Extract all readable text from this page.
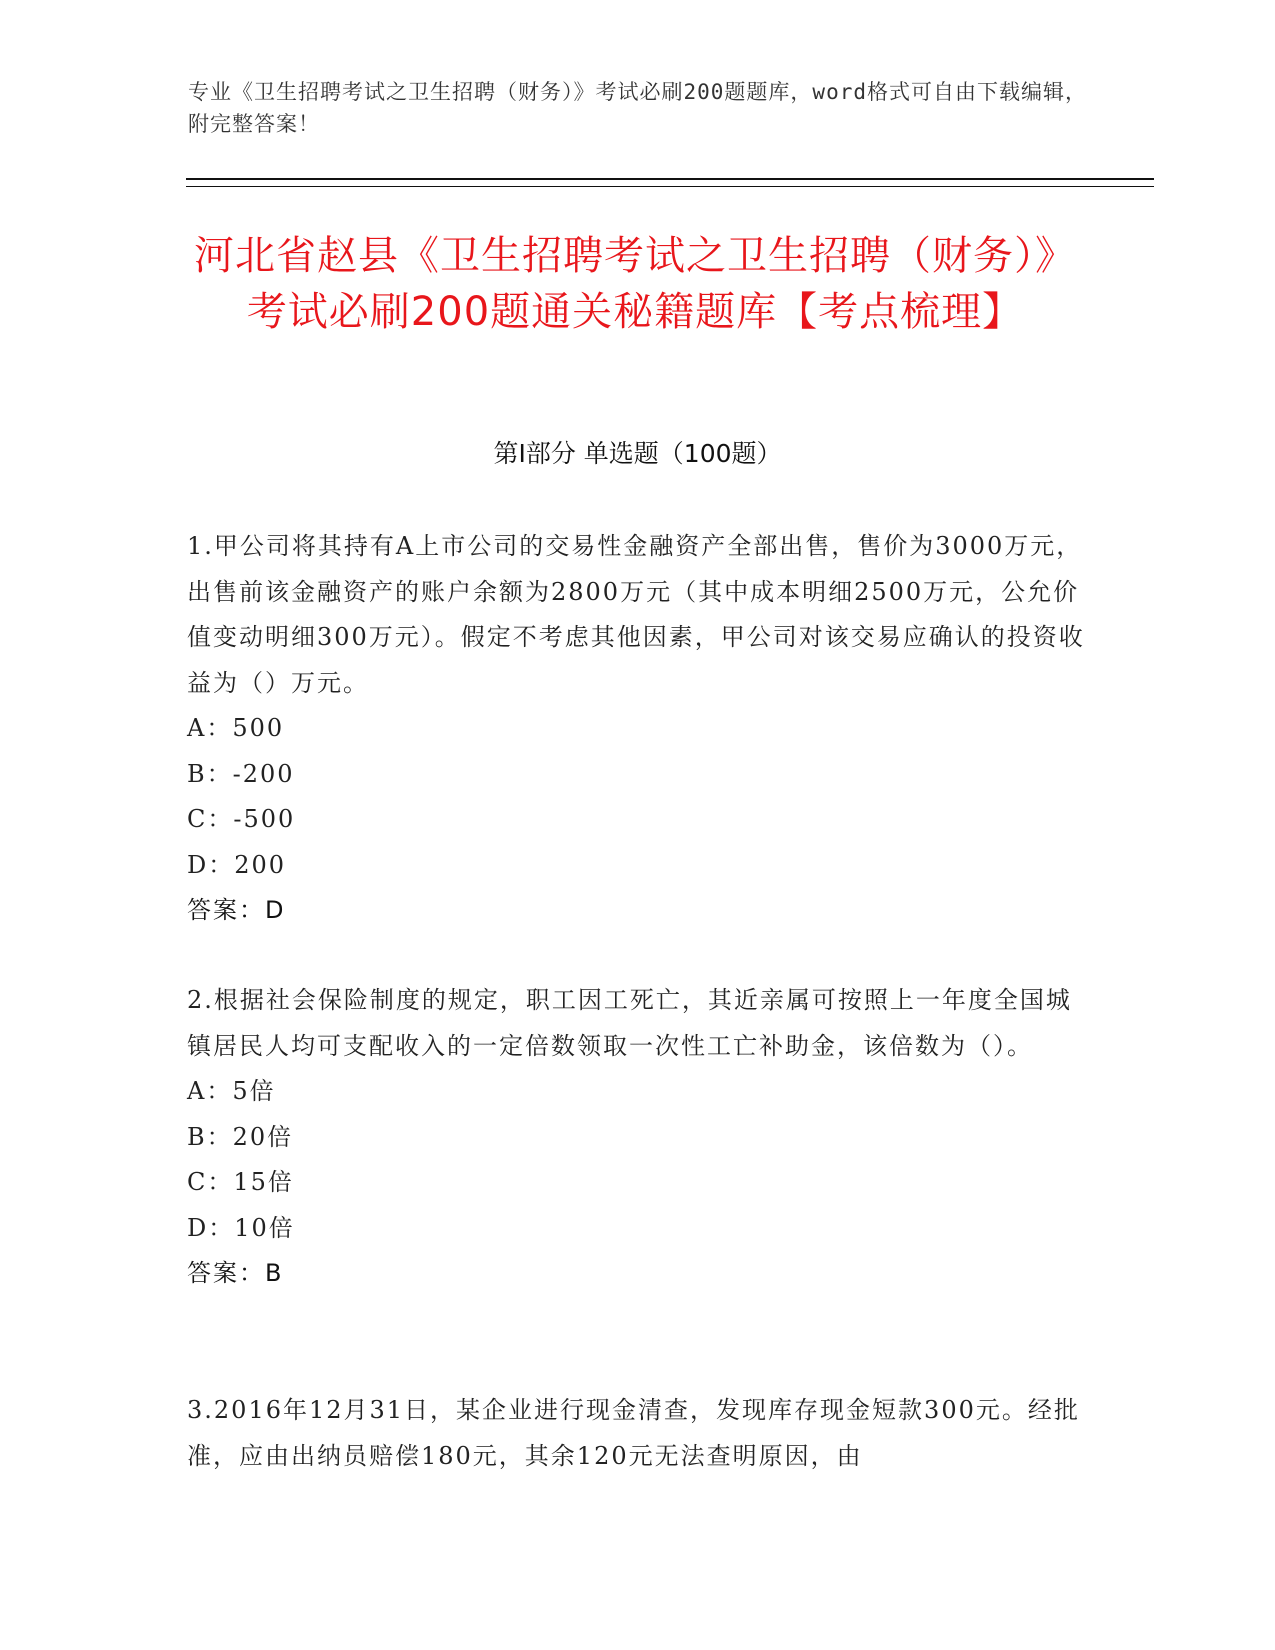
专业《卫生招聘考试之卫生招聘（财务）》考试必刷200题题库，word格式可自由下载编辑，附完整答案！
河北省赵县《卫生招聘考试之卫生招聘（财务）》考试必刷200题通关秘籍题库【考点梳理】
第Ⅰ部分 单选题（100题）
1.甲公司将其持有A上市公司的交易性金融资产全部出售，售价为3000万元，出售前该金融资产的账户余额为2800万元（其中成本明细2500万元，公允价值变动明细300万元）。假定不考虑其他因素，甲公司对该交易应确认的投资收益为（）万元。
A：500
B：-200
C：-500
D：200
答案：D
2.根据社会保险制度的规定，职工因工死亡，其近亲属可按照上一年度全国城镇居民人均可支配收入的一定倍数领取一次性工亡补助金，该倍数为（）。
A：5倍
B：20倍
C：15倍
D：10倍
答案：B
3.2016年12月31日，某企业进行现金清查，发现库存现金短款300元。经批准，应由出纳员赔偿180元，其余120元无法查明原因，由
